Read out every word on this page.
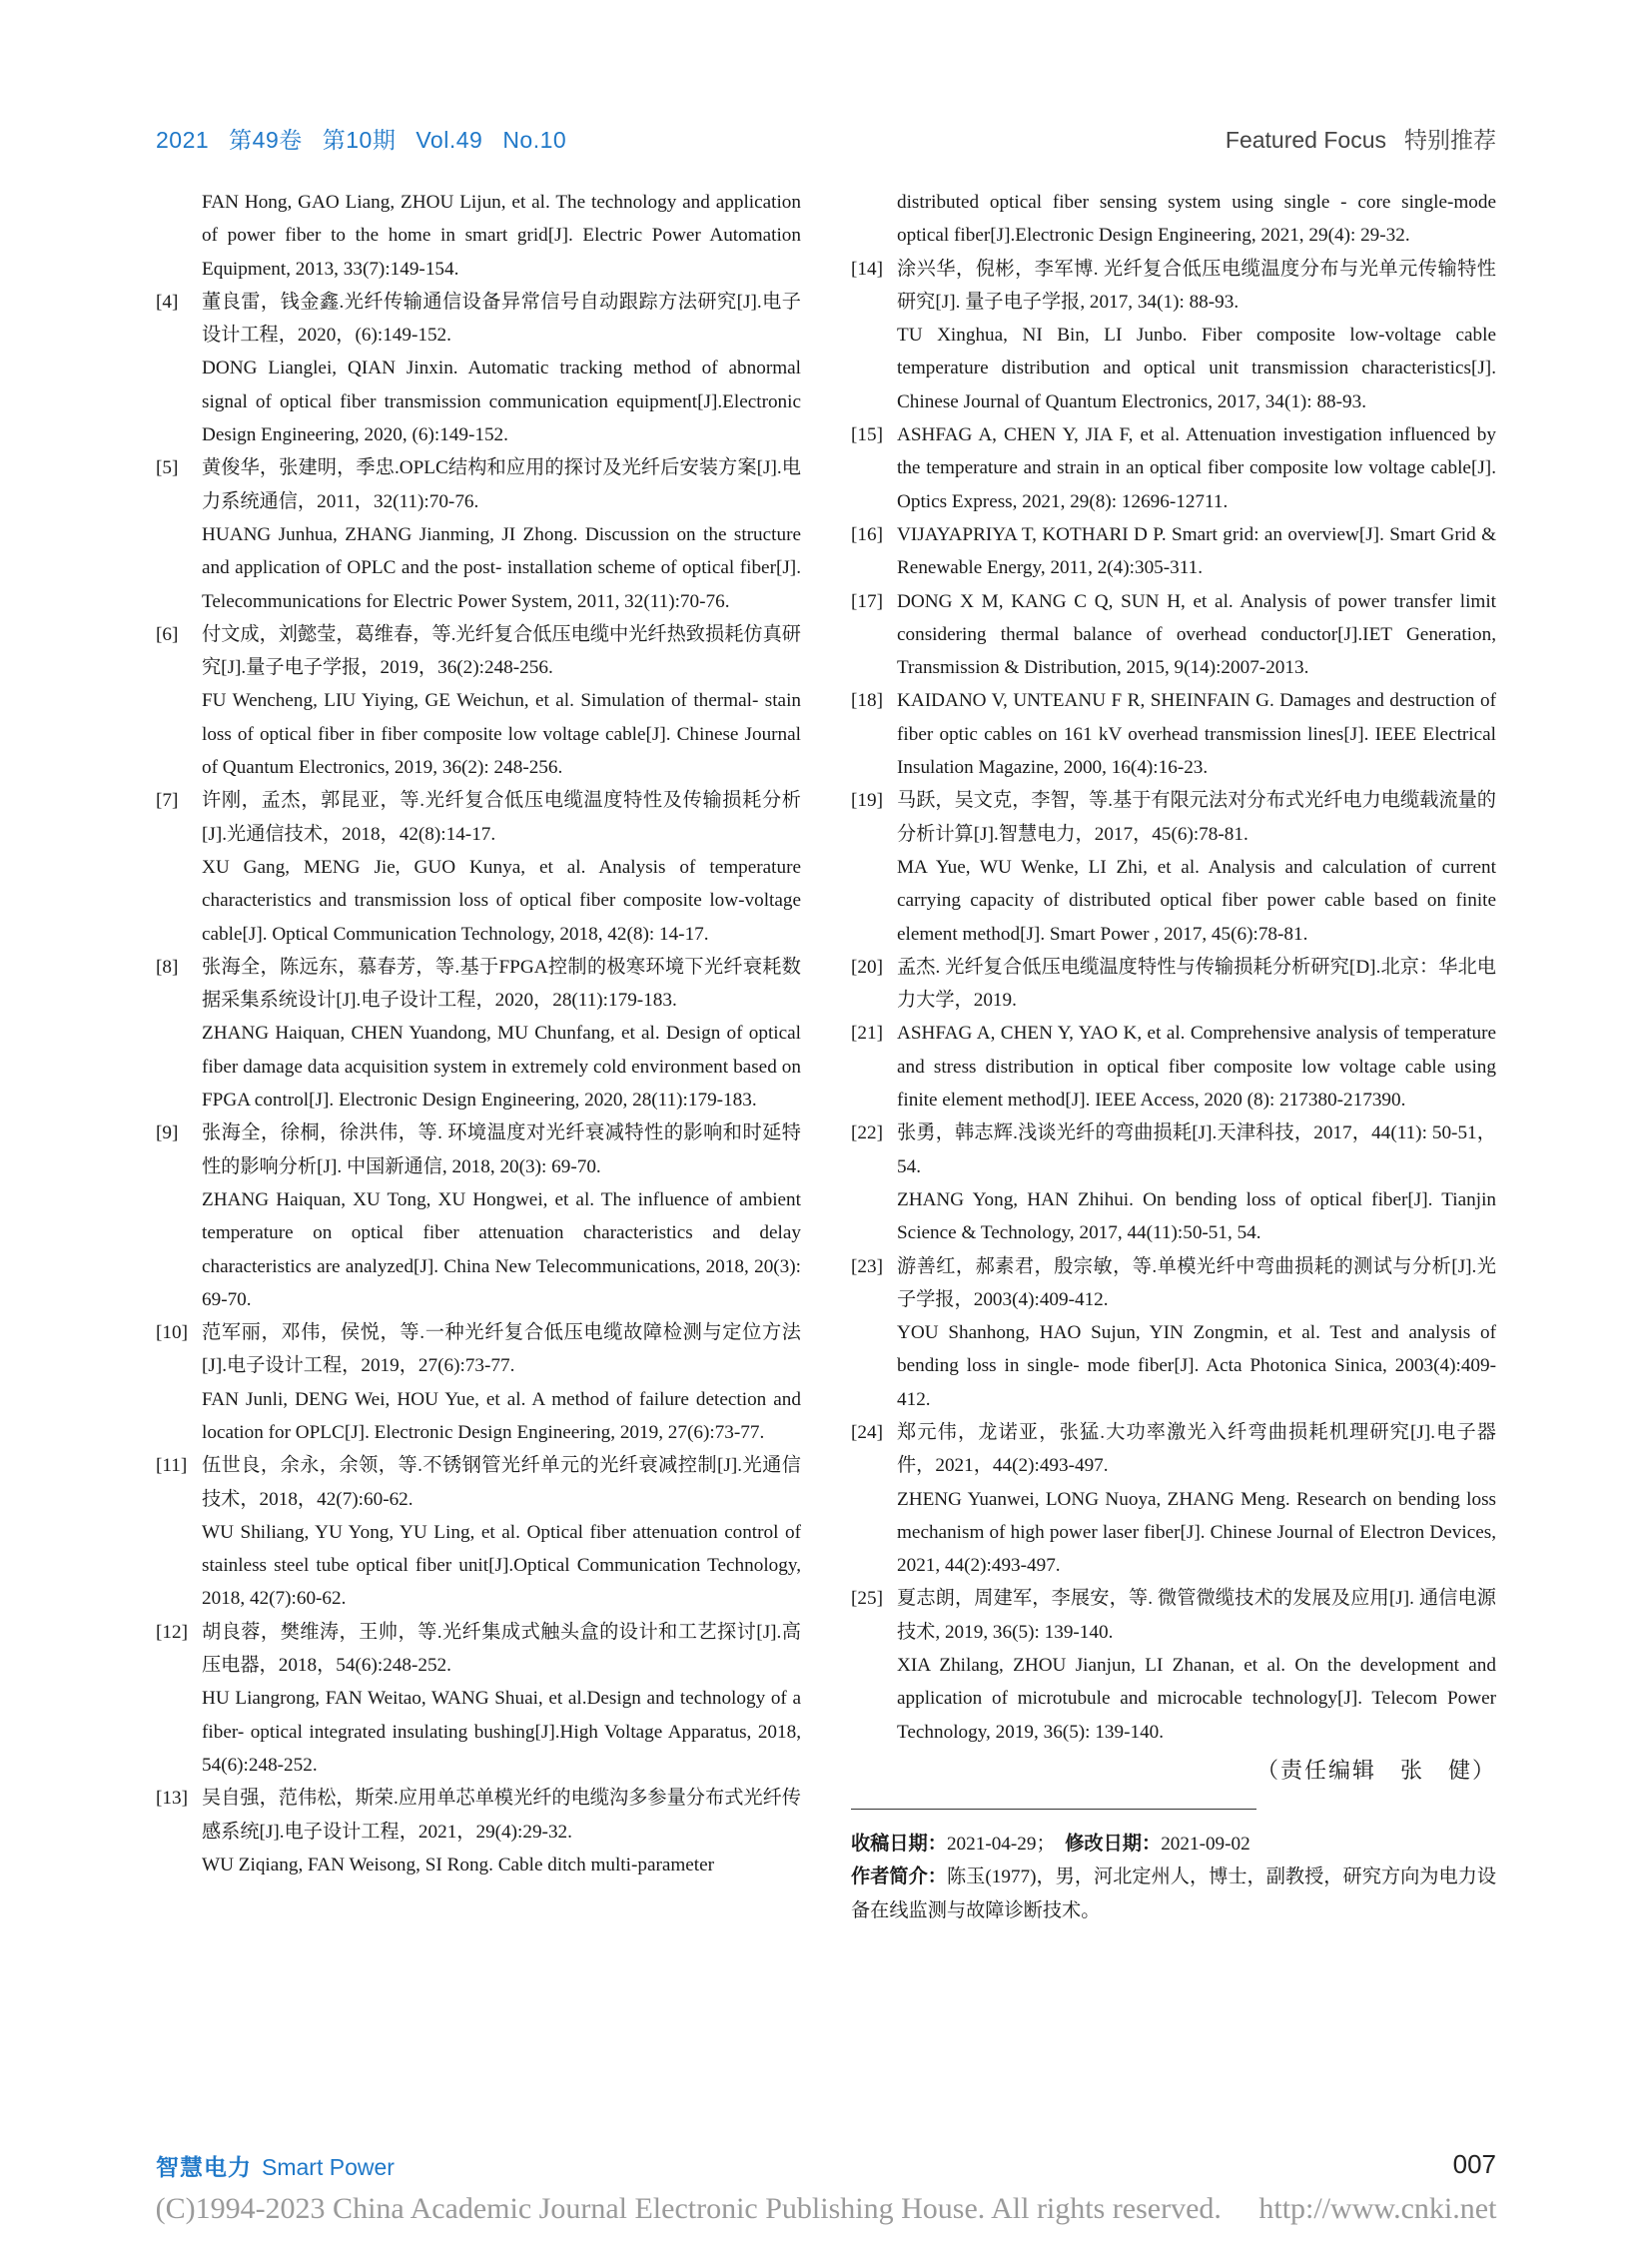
2021 第49卷 第10期 Vol.49 No.10	Featured Focus 特别推荐
FAN Hong, GAO Liang, ZHOU Lijun, et al. The technology and application of power fiber to the home in smart grid[J]. Electric Power Automation Equipment, 2013, 33(7):149-154.
[4] 董良雷，钱金鑫.光纤传输通信设备异常信号自动跟踪方法研究[J].电子设计工程，2020，(6):149-152.
DONG Lianglei, QIAN Jinxin. Automatic tracking method of abnormal signal of optical fiber transmission communication equipment[J].Electronic Design Engineering, 2020, (6):149-152.
[5] 黄俊华，张建明，季忠.OPLC结构和应用的探讨及光纤后安装方案[J].电力系统通信，2011，32(11):70-76.
HUANG Junhua, ZHANG Jianming, JI Zhong. Discussion on the structure and application of OPLC and the post- installation scheme of optical fiber[J]. Telecommunications for Electric Power System, 2011, 32(11):70-76.
[6] 付文成，刘懿莹，葛维春，等.光纤复合低压电缆中光纤热致损耗仿真研究[J].量子电子学报，2019，36(2):248-256.
FU Wencheng, LIU Yiying, GE Weichun, et al. Simulation of thermal- stain loss of optical fiber in fiber composite low voltage cable[J]. Chinese Journal of Quantum Electronics, 2019, 36(2): 248-256.
[7] 许刚，孟杰，郭昆亚，等.光纤复合低压电缆温度特性及传输损耗分析[J].光通信技术，2018，42(8):14-17.
XU Gang, MENG Jie, GUO Kunya, et al. Analysis of temperature characteristics and transmission loss of optical fiber composite low-voltage cable[J]. Optical Communication Technology, 2018, 42(8): 14-17.
[8] 张海全，陈远东，慕春芳，等.基于FPGA控制的极寒环境下光纤衰耗数据采集系统设计[J].电子设计工程，2020，28(11):179-183.
ZHANG Haiquan, CHEN Yuandong, MU Chunfang, et al. Design of optical fiber damage data acquisition system in extremely cold environment based on FPGA control[J]. Electronic Design Engineering, 2020, 28(11):179-183.
[9] 张海全，徐桐，徐洪伟，等. 环境温度对光纤衰减特性的影响和时延特性的影响分析[J]. 中国新通信, 2018, 20(3): 69-70.
ZHANG Haiquan, XU Tong, XU Hongwei, et al. The influence of ambient temperature on optical fiber attenuation characteristics and delay characteristics are analyzed[J]. China New Telecommunications, 2018, 20(3): 69-70.
[10] 范军丽，邓伟，侯悦，等.一种光纤复合低压电缆故障检测与定位方法[J].电子设计工程，2019，27(6):73-77.
FAN Junli, DENG Wei, HOU Yue, et al. A method of failure detection and location for OPLC[J]. Electronic Design Engineering, 2019, 27(6):73-77.
[11] 伍世良，余永，余领，等.不锈钢管光纤单元的光纤衰减控制[J].光通信技术，2018，42(7):60-62.
WU Shiliang, YU Yong, YU Ling, et al. Optical fiber attenuation control of stainless steel tube optical fiber unit[J].Optical Communication Technology, 2018, 42(7):60-62.
[12] 胡良蓉，樊维涛，王帅，等.光纤集成式触头盒的设计和工艺探讨[J].高压电器，2018，54(6):248-252.
HU Liangrong, FAN Weitao, WANG Shuai, et al.Design and technology of a fiber- optical integrated insulating bushing[J].High Voltage Apparatus, 2018, 54(6):248-252.
[13] 吴自强，范伟松，斯荣.应用单芯单模光纤的电缆沟多参量分布式光纤传感系统[J].电子设计工程，2021，29(4):29-32.
WU Ziqiang, FAN Weisong, SI Rong. Cable ditch multi-parameter
distributed optical fiber sensing system using single - core single-mode optical fiber[J].Electronic Design Engineering, 2021, 29(4): 29-32.
[14] 涂兴华，倪彬，李军博. 光纤复合低压电缆温度分布与光单元传输特性研究[J]. 量子电子学报, 2017, 34(1): 88-93.
TU Xinghua, NI Bin, LI Junbo. Fiber composite low-voltage cable temperature distribution and optical unit transmission characteristics[J]. Chinese Journal of Quantum Electronics, 2017, 34(1): 88-93.
[15] ASHFAG A, CHEN Y, JIA F, et al. Attenuation investigation influenced by the temperature and strain in an optical fiber composite low voltage cable[J]. Optics Express, 2021, 29(8): 12696-12711.
[16] VIJAYAPRIYA T, KOTHARI D P. Smart grid: an overview[J]. Smart Grid & Renewable Energy, 2011, 2(4):305-311.
[17] DONG X M, KANG C Q, SUN H, et al. Analysis of power transfer limit considering thermal balance of overhead conductor[J].IET Generation, Transmission & Distribution, 2015, 9(14):2007-2013.
[18] KAIDANO V, UNTEANU F R, SHEINFAIN G. Damages and destruction of fiber optic cables on 161 kV overhead transmission lines[J]. IEEE Electrical Insulation Magazine, 2000, 16(4):16-23.
[19] 马跃，吴文克，李智，等.基于有限元法对分布式光纤电力电缆载流量的分析计算[J].智慧电力，2017，45(6):78-81.
MA Yue, WU Wenke, LI Zhi, et al. Analysis and calculation of current carrying capacity of distributed optical fiber power cable based on finite element method[J]. Smart Power , 2017, 45(6):78-81.
[20] 孟杰. 光纤复合低压电缆温度特性与传输损耗分析研究[D].北京：华北电力大学，2019.
[21] ASHFAG A, CHEN Y, YAO K, et al. Comprehensive analysis of temperature and stress distribution in optical fiber composite low voltage cable using finite element method[J]. IEEE Access, 2020 (8): 217380-217390.
[22] 张勇，韩志辉.浅谈光纤的弯曲损耗[J].天津科技，2017，44(11): 50-51，54.
ZHANG Yong, HAN Zhihui. On bending loss of optical fiber[J]. Tianjin Science & Technology, 2017, 44(11):50-51, 54.
[23] 游善红，郝素君，殷宗敏，等.单模光纤中弯曲损耗的测试与分析[J].光子学报，2003(4):409-412.
YOU Shanhong, HAO Sujun, YIN Zongmin, et al. Test and analysis of bending loss in single- mode fiber[J]. Acta Photonica Sinica, 2003(4):409-412.
[24] 郑元伟，龙诺亚，张猛.大功率激光入纤弯曲损耗机理研究[J].电子器件，2021，44(2):493-497.
ZHENG Yuanwei, LONG Nuoya, ZHANG Meng. Research on bending loss mechanism of high power laser fiber[J]. Chinese Journal of Electron Devices, 2021, 44(2):493-497.
[25] 夏志朗，周建军，李展安，等. 微管微缆技术的发展及应用[J]. 通信电源技术, 2019, 36(5): 139-140.
XIA Zhilang, ZHOU Jianjun, LI Zhanan, et al. On the development and application of microtubule and microcable technology[J]. Telecom Power Technology, 2019, 36(5): 139-140.
（责任编辑　张　健）
收稿日期：2021-04-29； 修改日期：2021-09-02
作者简介：陈玉(1977)，男，河北定州人，博士，副教授，研究方向为电力设备在线监测与故障诊断技术。
智慧电力 Smart Power	007
(C)1994-2023 China Academic Journal Electronic Publishing House. All rights reserved.　 http://www.cnki.net
